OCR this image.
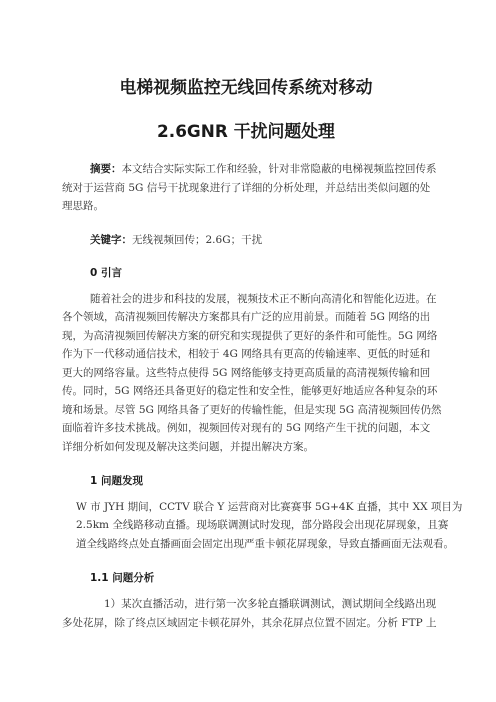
电梯视频监控无线回传系统对移动
2.6GNR 干扰问题处理
摘要：本文结合实际实际工作和经验，针对非常隐蔽的电梯视频监控回传系
统对于运营商 5G 信号干扰现象进行了详细的分析处理，并总结出类似问题的处
理思路。
关键字：无线视频回传；2.6G；干扰
0 引言
随着社会的进步和科技的发展，视频技术正不断向高清化和智能化迈进。在
各个领域，高清视频回传解决方案都具有广泛的应用前景。而随着 5G 网络的出
现，为高清视频回传解决方案的研究和实现提供了更好的条件和可能性。5G 网络
作为下一代移动通信技术，相较于 4G 网络具有更高的传输速率、更低的时延和
更大的网络容量。这些特点使得 5G 网络能够支持更高质量的高清视频传输和回
传。同时，5G 网络还具备更好的稳定性和安全性，能够更好地适应各种复杂的环
境和场景。尽管 5G 网络具备了更好的传输性能，但是实现 5G 高清视频回传仍然
面临着许多技术挑战。例如，视频回传对现有的 5G 网络产生干扰的问题，本文
详细分析如何发现及解决这类问题，并提出解决方案。
1 问题发现
W 市 JYH 期间，CCTV 联合 Y 运营商对比赛赛事 5G+4K 直播，其中 XX 项目为
2.5km 全线路移动直播。现场联调测试时发现，部分路段会出现花屏现象，且赛
道全线路终点处直播画面会固定出现严重卡顿花屏现象，导致直播画面无法观看。
1.1 问题分析
1）某次直播活动，进行第一次多轮直播联调测试，测试期间全线路出现
多处花屏，除了终点区域固定卡顿花屏外，其余花屏点位置不固定。分析 FTP 上
